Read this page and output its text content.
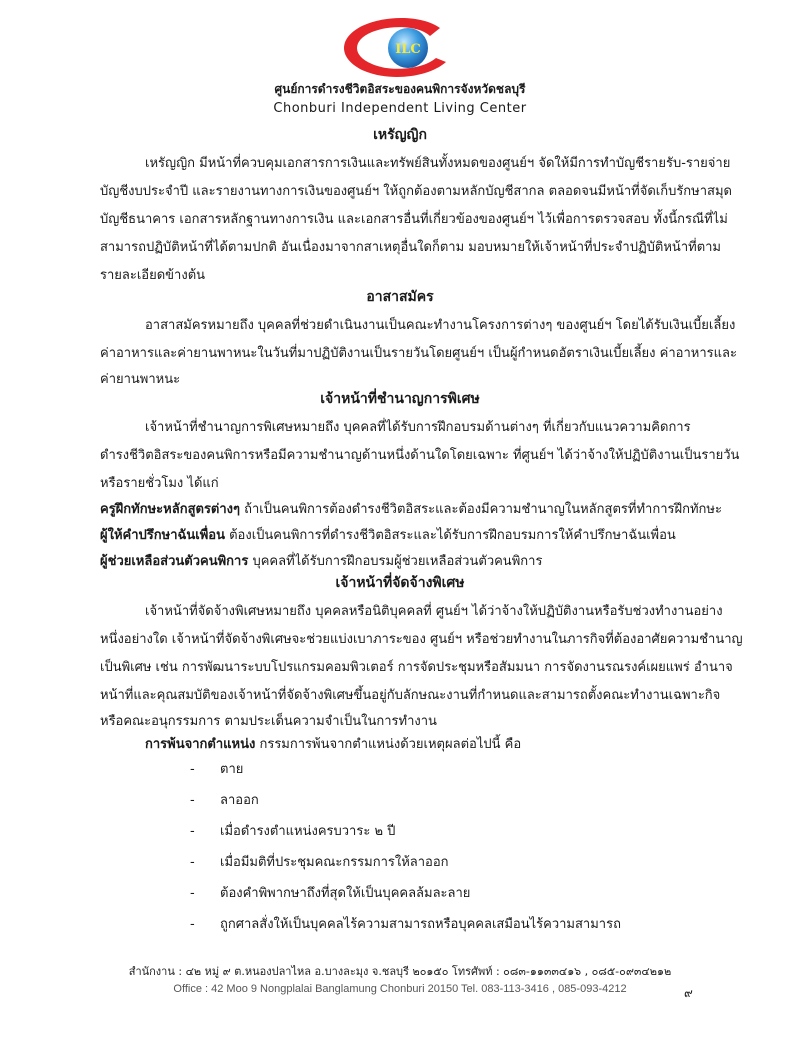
ILC
ศูนย์การดำรงชีวิตอิสระของคนพิการจังหวัดชลบุรี
Chonburi Independent Living Center
เหรัญญิก
เหรัญญิก มีหน้าที่ควบคุมเอกสารการเงินและทรัพย์สินทั้งหมดของศูนย์ฯ จัดให้มีการทำบัญชีรายรับ-รายจ่าย
บัญชีงบประจำปี และรายงานทางการเงินของศูนย์ฯ ให้ถูกต้องตามหลักบัญชีสากล ตลอดจนมีหน้าที่จัดเก็บรักษาสมุด
บัญชีธนาคาร เอกสารหลักฐานทางการเงิน และเอกสารอื่นที่เกี่ยวข้องของศูนย์ฯ ไว้เพื่อการตรวจสอบ ทั้งนี้กรณีที่ไม่
สามารถปฏิบัติหน้าที่ได้ตามปกติ อันเนื่องมาจากสาเหตุอื่นใดก็ตาม มอบหมายให้เจ้าหน้าที่ประจำปฏิบัติหน้าที่ตาม
รายละเอียดข้างต้น
อาสาสมัคร
อาสาสมัครหมายถึง บุคคลที่ช่วยดำเนินงานเป็นคณะทำงานโครงการต่างๆ ของศูนย์ฯ โดยได้รับเงินเบี้ยเลี้ยง
ค่าอาหารและค่ายานพาหนะในวันที่มาปฏิบัติงานเป็นรายวันโดยศูนย์ฯ เป็นผู้กำหนดอัตราเงินเบี้ยเลี้ยง ค่าอาหารและ
ค่ายานพาหนะ
เจ้าหน้าที่ชำนาญการพิเศษ
เจ้าหน้าที่ชำนาญการพิเศษหมายถึง บุคคลที่ได้รับการฝึกอบรมด้านต่างๆ ที่เกี่ยวกับแนวความคิดการ
ดำรงชีวิตอิสระของคนพิการหรือมีความชำนาญด้านหนึ่งด้านใดโดยเฉพาะ ที่ศูนย์ฯ ได้ว่าจ้างให้ปฏิบัติงานเป็นรายวัน
หรือรายชั่วโมง ได้แก่
ครูฝึกทักษะหลักสูตรต่างๆ ถ้าเป็นคนพิการต้องดำรงชีวิตอิสระและต้องมีความชำนาญในหลักสูตรที่ทำการฝึกทักษะ
ผู้ให้คำปรึกษาฉันเพื่อน ต้องเป็นคนพิการที่ดำรงชีวิตอิสระและได้รับการฝึกอบรมการให้คำปรึกษาฉันเพื่อน
ผู้ช่วยเหลือส่วนตัวคนพิการ บุคคลที่ได้รับการฝึกอบรมผู้ช่วยเหลือส่วนตัวคนพิการ
เจ้าหน้าที่จัดจ้างพิเศษ
เจ้าหน้าที่จัดจ้างพิเศษหมายถึง บุคคลหรือนิติบุคคลที่ ศูนย์ฯ ได้ว่าจ้างให้ปฏิบัติงานหรือรับช่วงทำงานอย่าง
หนึ่งอย่างใด เจ้าหน้าที่จัดจ้างพิเศษจะช่วยแบ่งเบาภาระของ ศูนย์ฯ หรือช่วยทำงานในภารกิจที่ต้องอาศัยความชำนาญ
เป็นพิเศษ เช่น การพัฒนาระบบโปรแกรมคอมพิวเตอร์ การจัดประชุมหรือสัมมนา การจัดงานรณรงค์เผยแพร่ อำนาจ
หน้าที่และคุณสมบัติของเจ้าหน้าที่จัดจ้างพิเศษขึ้นอยู่กับลักษณะงานที่กำหนดและสามารถตั้งคณะทำงานเฉพาะกิจ
หรือคณะอนุกรรมการ ตามประเด็นความจำเป็นในการทำงาน
การพ้นจากตำแหน่ง กรรมการพ้นจากตำแหน่งด้วยเหตุผลต่อไปนี้ คือ
- ตาย
- ลาออก
- เมื่อดำรงตำแหน่งครบวาระ ๒ ปี
- เมื่อมีมติที่ประชุมคณะกรรมการให้ลาออก
- ต้องคำพิพากษาถึงที่สุดให้เป็นบุคคลล้มละลาย
- ถูกศาลสั่งให้เป็นบุคคลไร้ความสามารถหรือบุคคลเสมือนไร้ความสามารถ
สำนักงาน : ๔๒ หมู่ ๙ ต.หนองปลาไหล อ.บางละมุง จ.ชลบุรี ๒๐๑๕๐ โทรศัพท์ : ๐๘๓-๑๑๓๓๔๑๖ , ๐๘๕-๐๙๓๔๒๑๒
Office : 42 Moo 9 Nongplalai Banglamung Chonburi 20150 Tel. 083-113-3416 , 085-093-4212	๙
